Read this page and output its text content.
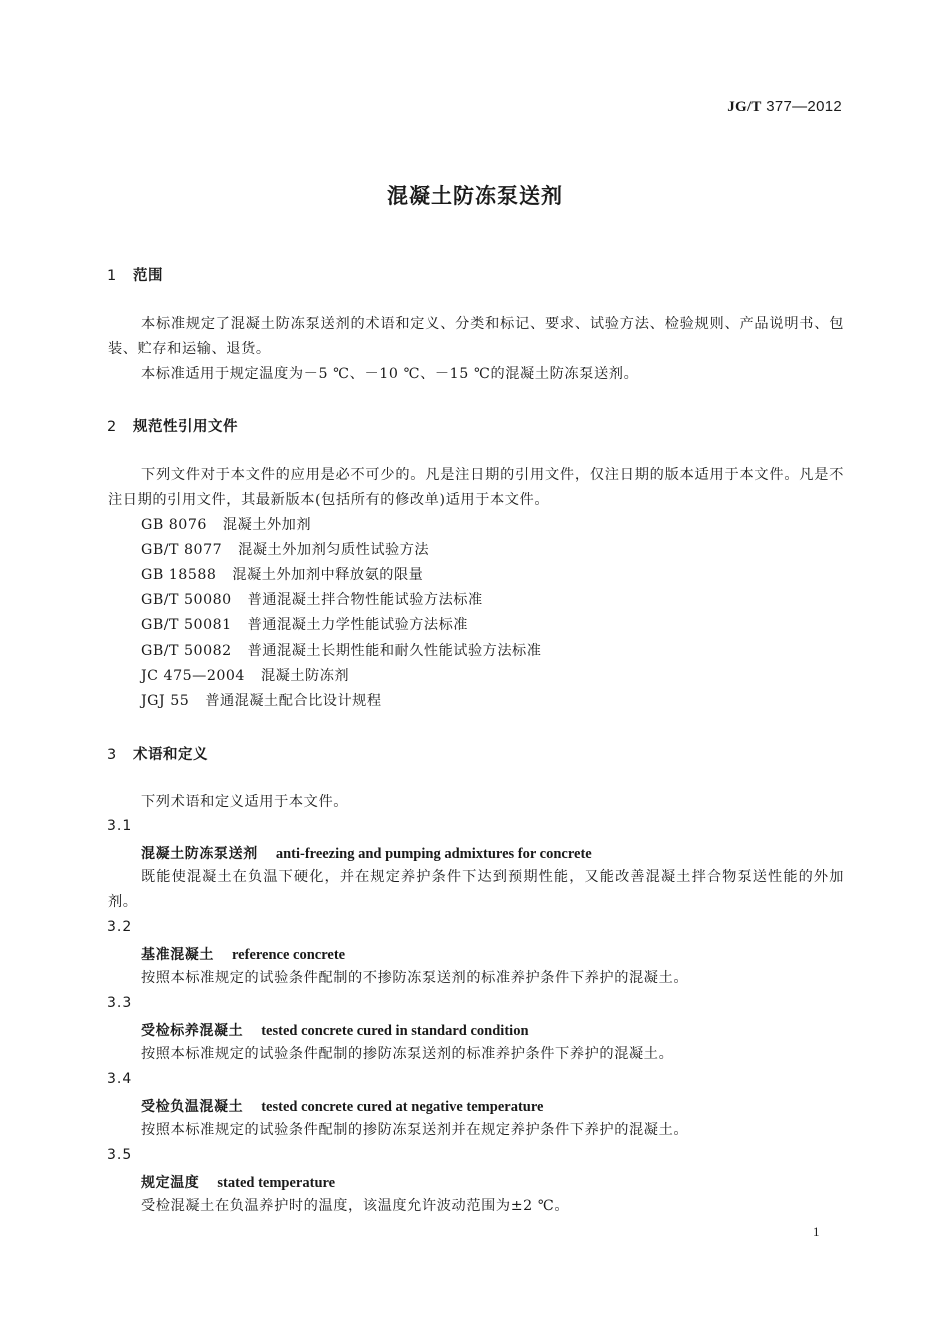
JG/T 377—2012
混凝土防冻泵送剂
1 范围
本标准规定了混凝土防冻泵送剂的术语和定义、分类和标记、要求、试验方法、检验规则、产品说明书、包装、贮存和运输、退货。
本标准适用于规定温度为－5 ℃、－10 ℃、－15 ℃的混凝土防冻泵送剂。
2 规范性引用文件
下列文件对于本文件的应用是必不可少的。凡是注日期的引用文件，仅注日期的版本适用于本文件。凡是不注日期的引用文件，其最新版本(包括所有的修改单)适用于本文件。
GB 8076 混凝土外加剂
GB/T 8077 混凝土外加剂匀质性试验方法
GB 18588 混凝土外加剂中释放氨的限量
GB/T 50080 普通混凝土拌合物性能试验方法标准
GB/T 50081 普通混凝土力学性能试验方法标准
GB/T 50082 普通混凝土长期性能和耐久性能试验方法标准
JC 475—2004 混凝土防冻剂
JGJ 55 普通混凝土配合比设计规程
3 术语和定义
下列术语和定义适用于本文件。
3.1
混凝土防冻泵送剂 anti-freezing and pumping admixtures for concrete
既能使混凝土在负温下硬化，并在规定养护条件下达到预期性能，又能改善混凝土拌合物泵送性能的外加剂。
3.2
基准混凝土 reference concrete
按照本标准规定的试验条件配制的不掺防冻泵送剂的标准养护条件下养护的混凝土。
3.3
受检标养混凝土 tested concrete cured in standard condition
按照本标准规定的试验条件配制的掺防冻泵送剂的标准养护条件下养护的混凝土。
3.4
受检负温混凝土 tested concrete cured at negative temperature
按照本标准规定的试验条件配制的掺防冻泵送剂并在规定养护条件下养护的混凝土。
3.5
规定温度 stated temperature
受检混凝土在负温养护时的温度，该温度允许波动范围为±2 ℃。
1
